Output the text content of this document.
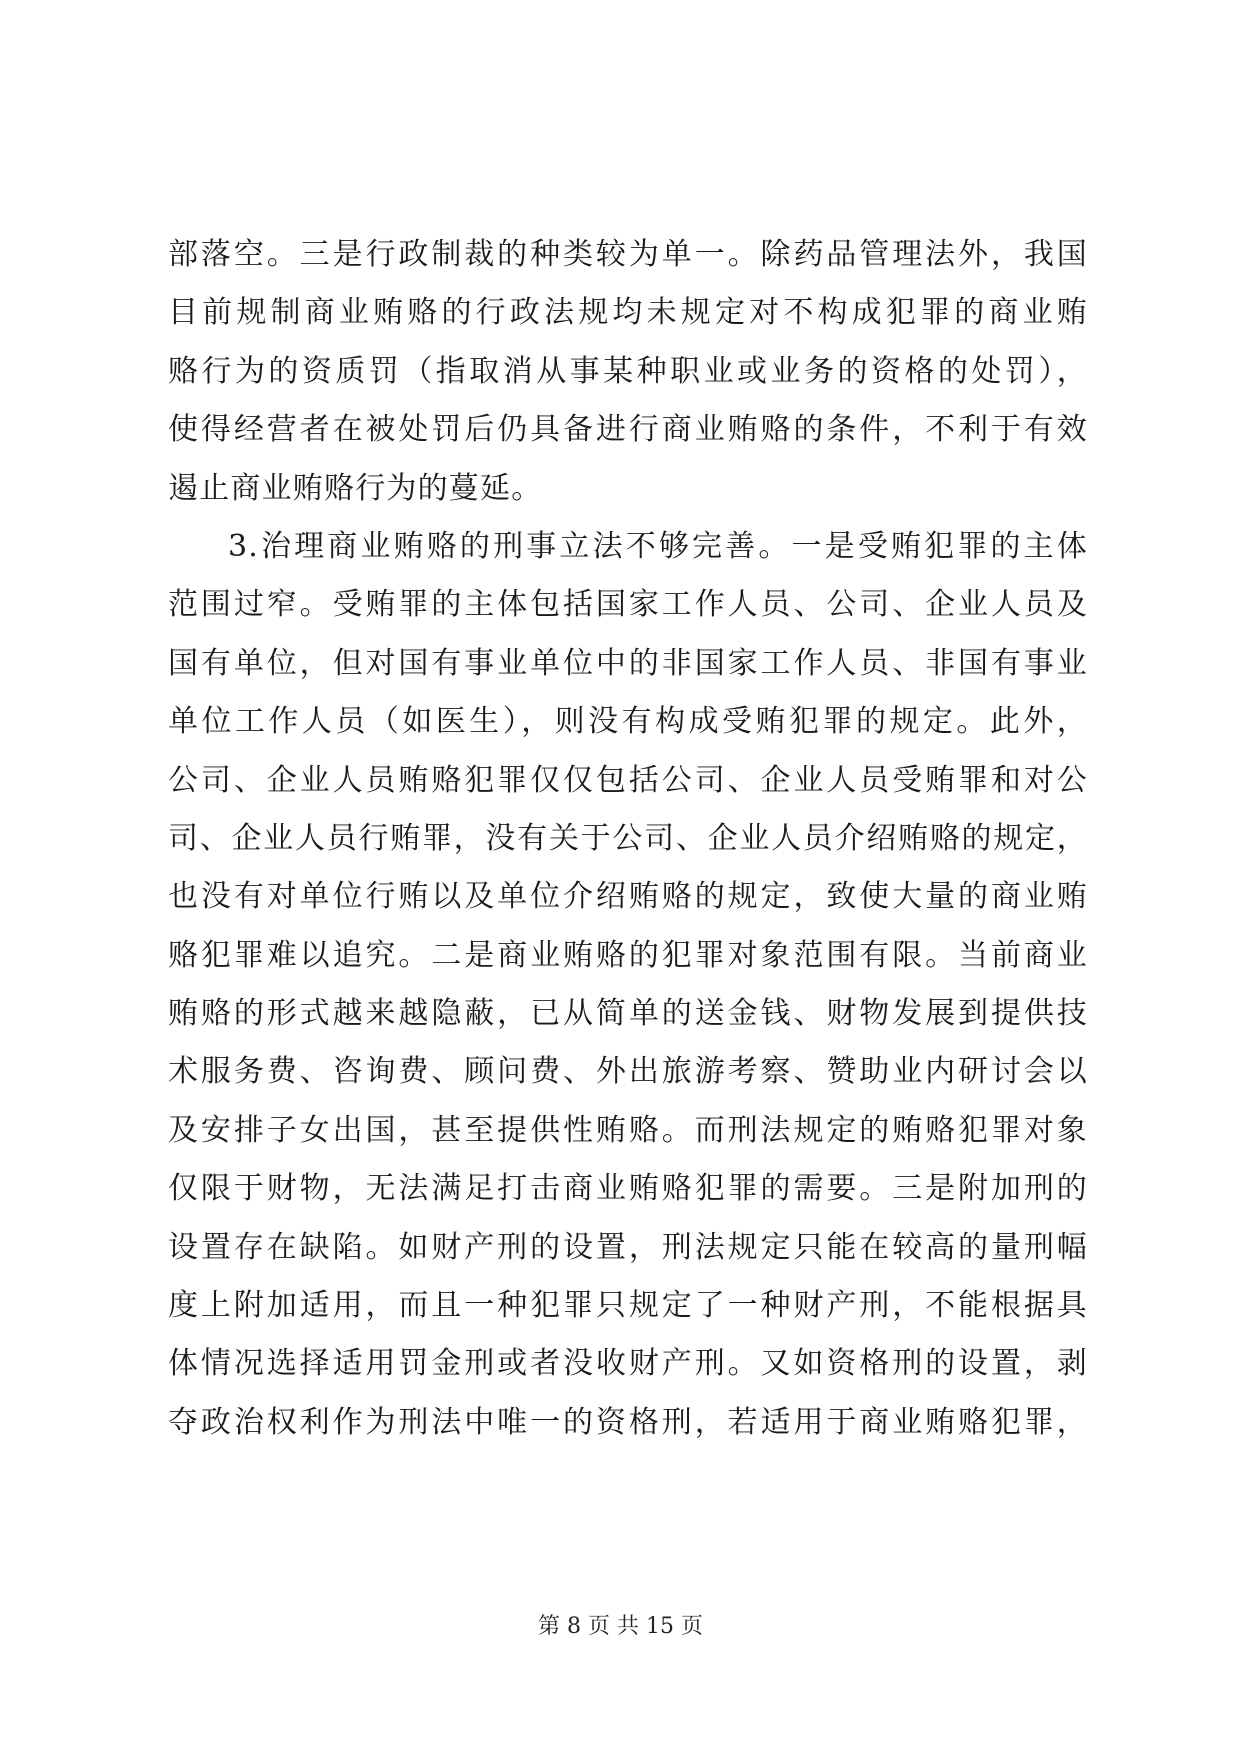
部落空。三是行政制裁的种类较为单一。除药品管理法外，我国
目前规制商业贿赂的行政法规均未规定对不构成犯罪的商业贿
赂行为的资质罚（指取消从事某种职业或业务的资格的处罚），
使得经营者在被处罚后仍具备进行商业贿赂的条件，不利于有效
遏止商业贿赂行为的蔓延。
3.治理商业贿赂的刑事立法不够完善。一是受贿犯罪的主体
范围过窄。受贿罪的主体包括国家工作人员、公司、企业人员及
国有单位，但对国有事业单位中的非国家工作人员、非国有事业
单位工作人员（如医生），则没有构成受贿犯罪的规定。此外，
公司、企业人员贿赂犯罪仅仅包括公司、企业人员受贿罪和对公
司、企业人员行贿罪，没有关于公司、企业人员介绍贿赂的规定，
也没有对单位行贿以及单位介绍贿赂的规定，致使大量的商业贿
赂犯罪难以追究。二是商业贿赂的犯罪对象范围有限。当前商业
贿赂的形式越来越隐蔽，已从简单的送金钱、财物发展到提供技
术服务费、咨询费、顾问费、外出旅游考察、赞助业内研讨会以
及安排子女出国，甚至提供性贿赂。而刑法规定的贿赂犯罪对象
仅限于财物，无法满足打击商业贿赂犯罪的需要。三是附加刑的
设置存在缺陷。如财产刑的设置，刑法规定只能在较高的量刑幅
度上附加适用，而且一种犯罪只规定了一种财产刑，不能根据具
体情况选择适用罚金刑或者没收财产刑。又如资格刑的设置，剥
夺政治权利作为刑法中唯一的资格刑，若适用于商业贿赂犯罪，
第 8 页 共 15 页
